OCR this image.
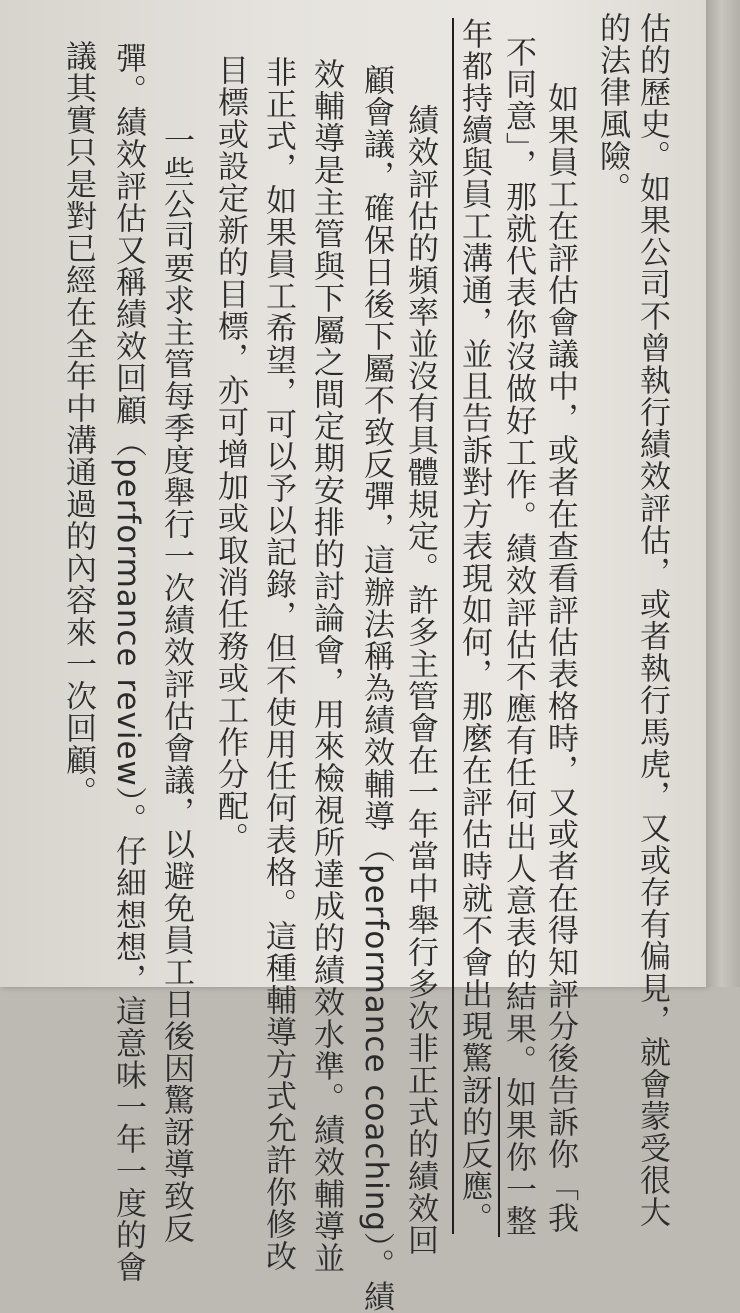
估的歷史。如果公司不曾執行績效評估，或者執行馬虎，又或存有偏見，就會蒙受很大
的法律風險。
　如果員工在評估會議中，或者在查看評估表格時，又或者在得知評分後告訴你「我
不同意」，那就代表你沒做好工作。績效評估不應有任何出人意表的結果。如果你一整
年都持續與員工溝通，並且告訴對方表現如何，那麼在評估時就不會出現驚訝的反應。
　績效評估的頻率並沒有具體規定。許多主管會在一年當中舉行多次非正式的績效回
顧會議，確保日後下屬不致反彈，這辦法稱為績效輔導（performance coaching）。績
效輔導是主管與下屬之間定期安排的討論會，用來檢視所達成的績效水準。績效輔導並
非正式，如果員工希望，可以予以記錄，但不使用任何表格。這種輔導方式允許你修改
目標或設定新的目標，亦可增加或取消任務或工作分配。
　一些公司要求主管每季度舉行一次績效評估會議，以避免員工日後因驚訝導致反
彈。績效評估又稱績效回顧（performance review）。仔細想想，這意味一年一度的會
議其實只是對已經在全年中溝通過的內容來一次回顧。
